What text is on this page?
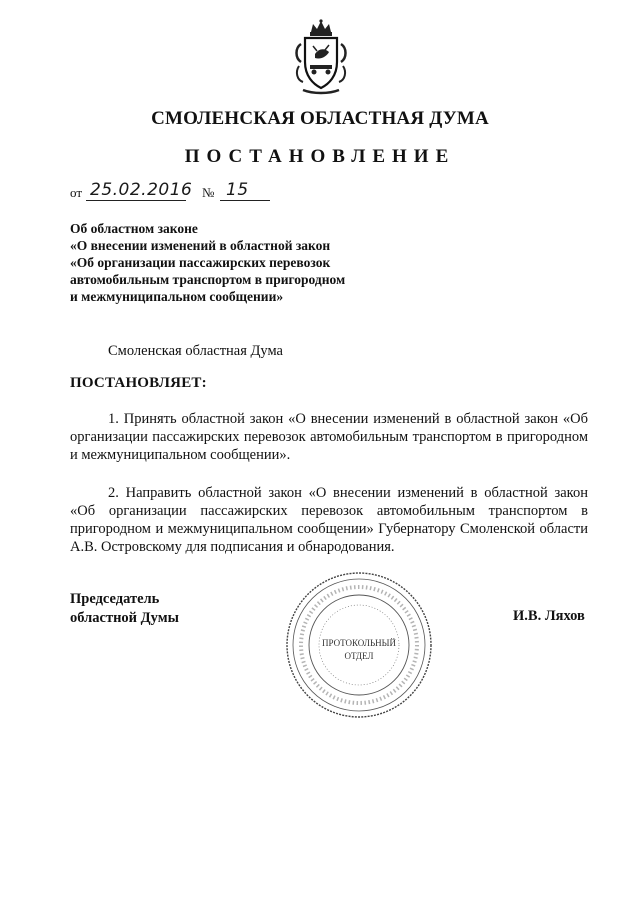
СМОЛЕНСКАЯ ОБЛАСТНАЯ ДУМА
ПОСТАНОВЛЕНИЕ
от 25.02.2016 № 15
Об областном законе
«О внесении изменений в областной закон
«Об организации пассажирских перевозок
автомобильным транспортом в пригородном
и межмуниципальном сообщении»
Смоленская областная Дума
ПОСТАНОВЛЯЕТ:
1. Принять областной закон «О внесении изменений в областной закон «Об организации пассажирских перевозок автомобильным транспортом в пригородном и межмуниципальном сообщении».
2. Направить областной закон «О внесении изменений в областной закон «Об организации пассажирских перевозок автомобильным транспортом в пригородном и межмуниципальном сообщении» Губернатору Смоленской области А.В. Островскому для подписания и обнародования.
Председатель
областной Думы	И.В. Ляхов
ПРОТОКОЛЬНЫЙ
ОТДЕЛ
